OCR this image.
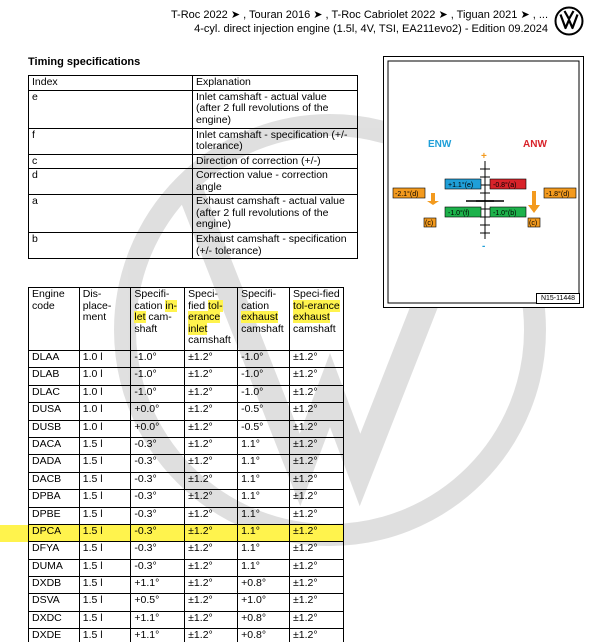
T-Roc 2022 ➤ , Touran 2016 ➤ , T-Roc Cabriolet 2022 ➤ , Tiguan 2021 ➤ , ...
4-cyl. direct injection engine (1.5l, 4V, TSI, EA211evo2) - Edition 09.2024
Timing specifications
Index	Explanation
e	Inlet camshaft - actual value (after 2 full revolutions of the engine)
f	Inlet camshaft - specification (+/- tolerance)
c	Direction of correction (+/-)
d	Correction value - correction angle
a	Exhaust camshaft - actual value (after 2 full revolutions of the engine)
b	Exhaust camshaft - specification (+/- tolerance)
Engine code	Dis-place-ment	Specifi-cation in-let cam-shaft	Speci-fied tol-erance inlet camshaft	Specifi-cation exhaust camshaft	Speci-fied tol-erance exhaust camshaft
DLAA	1.0 l	-1.0°	±1.2°	-1.0°	±1.2°
DLAB	1.0 l	-1.0°	±1.2°	-1.0°	±1.2°
DLAC	1.0 l	-1.0°	±1.2°	-1.0°	±1.2°
DUSA	1.0 l	+0.0°	±1.2°	-0.5°	±1.2°
DUSB	1.0 l	+0.0°	±1.2°	-0.5°	±1.2°
DACA	1.5 l	-0.3°	±1.2°	1.1°	±1.2°
DADA	1.5 l	-0.3°	±1.2°	1.1°	±1.2°
DACB	1.5 l	-0.3°	±1.2°	1.1°	±1.2°
DPBA	1.5 l	-0.3°	±1.2°	1.1°	±1.2°
DPBE	1.5 l	-0.3°	±1.2°	1.1°	±1.2°
DPCA	1.5 l	-0.3°	±1.2°	1.1°	±1.2°
DFYA	1.5 l	-0.3°	±1.2°	1.1°	±1.2°
DUMA	1.5 l	-0.3°	±1.2°	1.1°	±1.2°
DXDB	1.5 l	+1.1°	±1.2°	+0.8°	±1.2°
DSVA	1.5 l	+0.5°	±1.2°	+1.0°	±1.2°
DXDC	1.5 l	+1.1°	±1.2°	+0.8°	±1.2°
DXDE	1.5 l	+1.1°	±1.2°	+0.8°	±1.2°
ENW	ANW
+
-
+1.1°(e)	-0.8°(a)
-1.0°(f)	-1.0°(b)
-2.1°(d)
(c)
-1.8°(d)
(c)
N15-11448
